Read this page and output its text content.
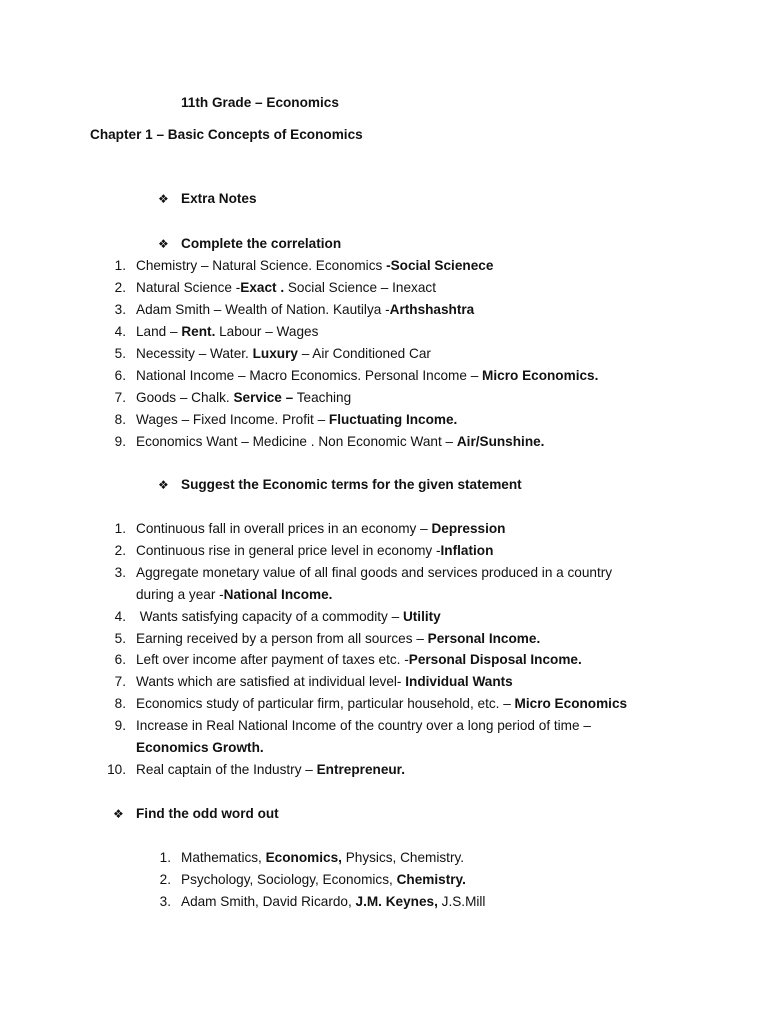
11th Grade – Economics
Chapter 1 – Basic Concepts of Economics
❖ Extra Notes
❖ Complete the correlation
1. Chemistry – Natural Science. Economics -Social Scienece
2. Natural Science -Exact . Social Science – Inexact
3. Adam Smith – Wealth of Nation. Kautilya -Arthshashtra
4. Land – Rent. Labour – Wages
5. Necessity – Water. Luxury – Air Conditioned Car
6. National Income – Macro Economics. Personal Income – Micro Economics.
7. Goods – Chalk. Service – Teaching
8. Wages – Fixed Income. Profit – Fluctuating Income.
9. Economics Want – Medicine . Non Economic Want – Air/Sunshine.
❖ Suggest the Economic terms for the given statement
1. Continuous fall in overall prices in an economy – Depression
2. Continuous rise in general price level in economy -Inflation
3. Aggregate monetary value of all final goods and services produced in a country
during a year -National Income.
4. Wants satisfying capacity of a commodity – Utility
5. Earning received by a person from all sources – Personal Income.
6. Left over income after payment of taxes etc. -Personal Disposal Income.
7. Wants which are satisfied at individual level- Individual Wants
8. Economics study of particular firm, particular household, etc. – Micro Economics
9. Increase in Real National Income of the country over a long period of time –
Economics Growth.
10. Real captain of the Industry – Entrepreneur.
❖ Find the odd word out
1. Mathematics, Economics, Physics, Chemistry.
2. Psychology, Sociology, Economics, Chemistry.
3. Adam Smith, David Ricardo, J.M. Keynes, J.S.Mill
